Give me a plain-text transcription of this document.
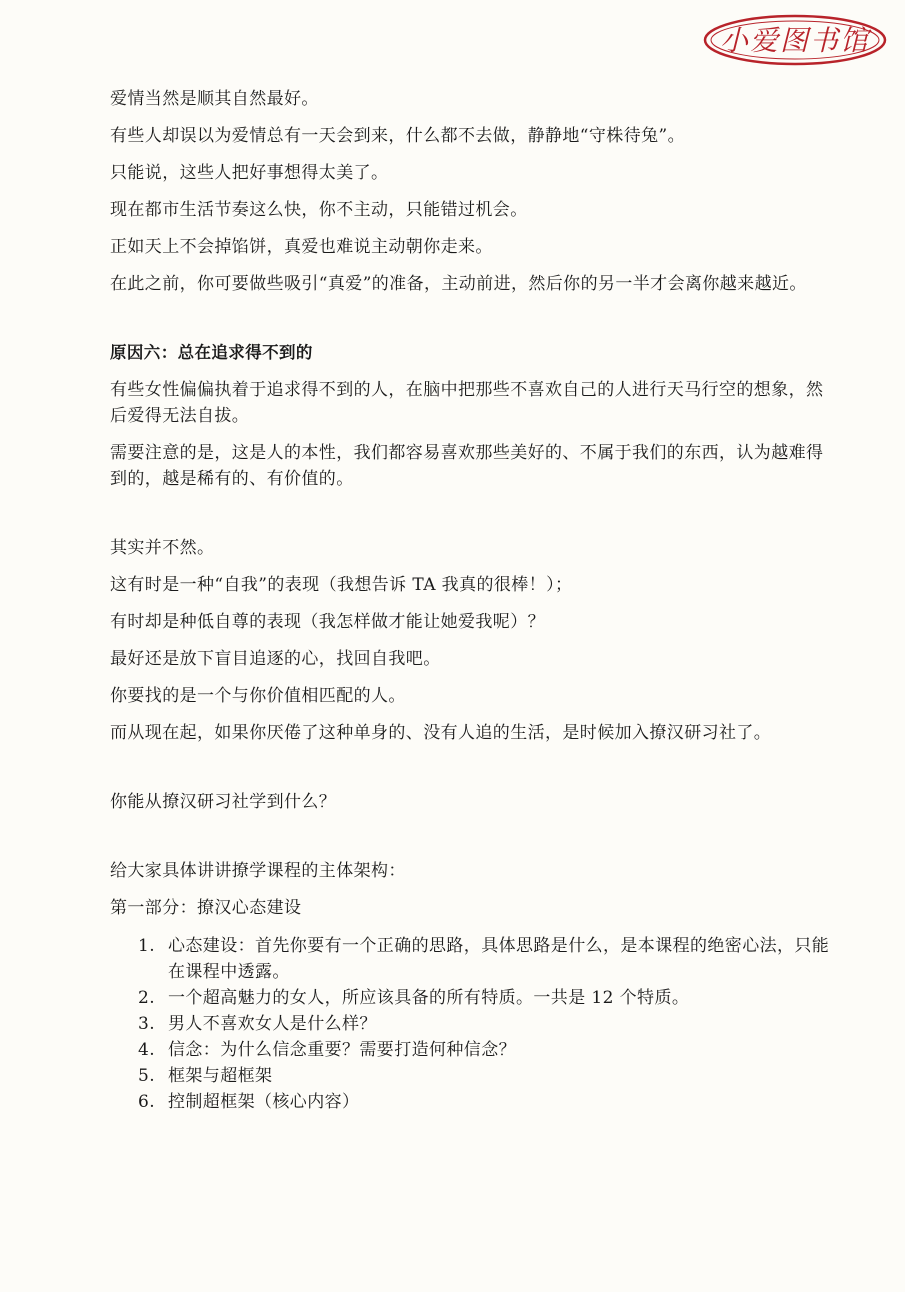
小爱图书馆

爱情当然是顺其自然最好。

有些人却误以为爱情总有一天会到来，什么都不去做，静静地“守株待兔”。

只能说，这些人把好事想得太美了。

现在都市生活节奏这么快，你不主动，只能错过机会。

正如天上不会掉馅饼，真爱也难说主动朝你走来。

在此之前，你可要做些吸引“真爱”的准备，主动前进，然后你的另一半才会离你越来越近。

原因六：总在追求得不到的

有些女性偏偏执着于追求得不到的人，在脑中把那些不喜欢自己的人进行天马行空的想象，然后爱得无法自拔。

需要注意的是，这是人的本性，我们都容易喜欢那些美好的、不属于我们的东西，认为越难得到的，越是稀有的、有价值的。

其实并不然。

这有时是一种“自我”的表现（我想告诉 TA 我真的很棒！）；

有时却是种低自尊的表现（我怎样做才能让她爱我呢）？

最好还是放下盲目追逐的心，找回自我吧。

你要找的是一个与你价值相匹配的人。

而从现在起，如果你厌倦了这种单身的、没有人追的生活，是时候加入撩汉研习社了。

你能从撩汉研习社学到什么？

给大家具体讲讲撩学课程的主体架构：

第一部分：撩汉心态建设

1. 心态建设：首先你要有一个正确的思路，具体思路是什么，是本课程的绝密心法，只能在课程中透露。
2. 一个超高魅力的女人，所应该具备的所有特质。一共是 12 个特质。
3. 男人不喜欢女人是什么样？
4. 信念：为什么信念重要？需要打造何种信念？
5. 框架与超框架
6. 控制超框架（核心内容）
